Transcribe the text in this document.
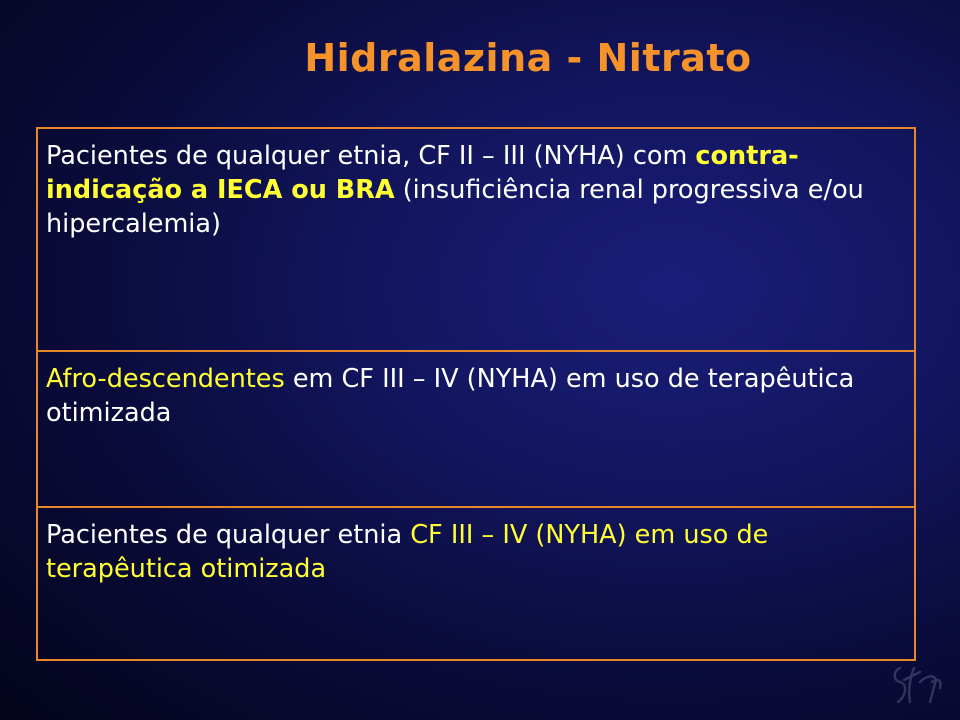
Hidralazina - Nitrato
Pacientes de qualquer etnia, CF II – III (NYHA) com contra-indicação a IECA ou BRA (insuficiência renal progressiva e/ou hipercalemia)
Afro-descendentes em CF III – IV (NYHA) em uso de terapêutica otimizada
Pacientes de qualquer etnia CF III – IV (NYHA) em uso de terapêutica otimizada
